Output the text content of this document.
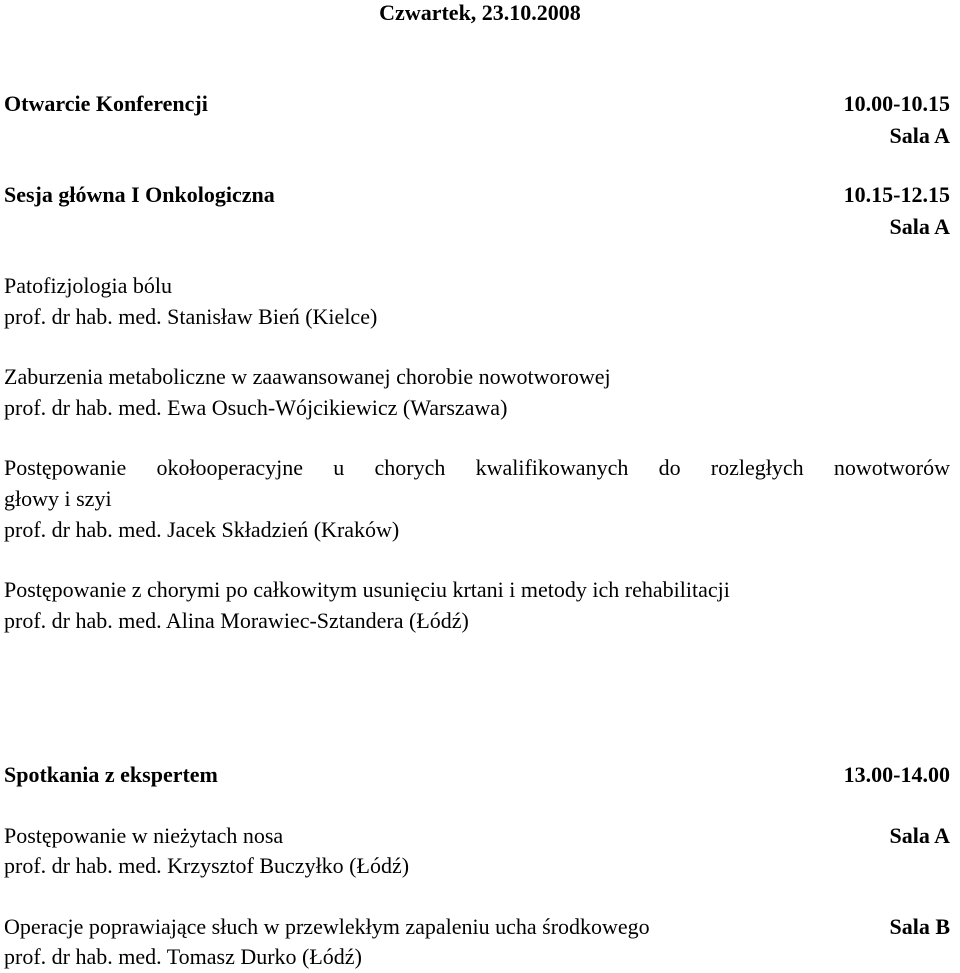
Czwartek, 23.10.2008
Otwarcie Konferencji	10.00-10.15
Sala A
Sesja główna I Onkologiczna	10.15-12.15
Sala A
Patofizjologia bólu
prof. dr hab. med. Stanisław Bień (Kielce)
Zaburzenia metaboliczne w zaawansowanej chorobie nowotworowej
prof. dr hab. med. Ewa Osuch-Wójcikiewicz (Warszawa)
Postępowanie okołooperacyjne u chorych kwalifikowanych do rozległych nowotworów
głowy i szyi
prof. dr hab. med. Jacek Składzień (Kraków)
Postępowanie z chorymi po całkowitym usunięciu krtani i metody ich rehabilitacji
prof. dr hab. med. Alina Morawiec-Sztandera (Łódź)
Spotkania z ekspertem	13.00-14.00
Postępowanie w nieżytach nosa	Sala A
prof. dr hab. med. Krzysztof Buczyłko (Łódź)
Operacje poprawiające słuch w przewlekłym zapaleniu ucha środkowego	Sala B
prof. dr hab. med. Tomasz Durko (Łódź)
